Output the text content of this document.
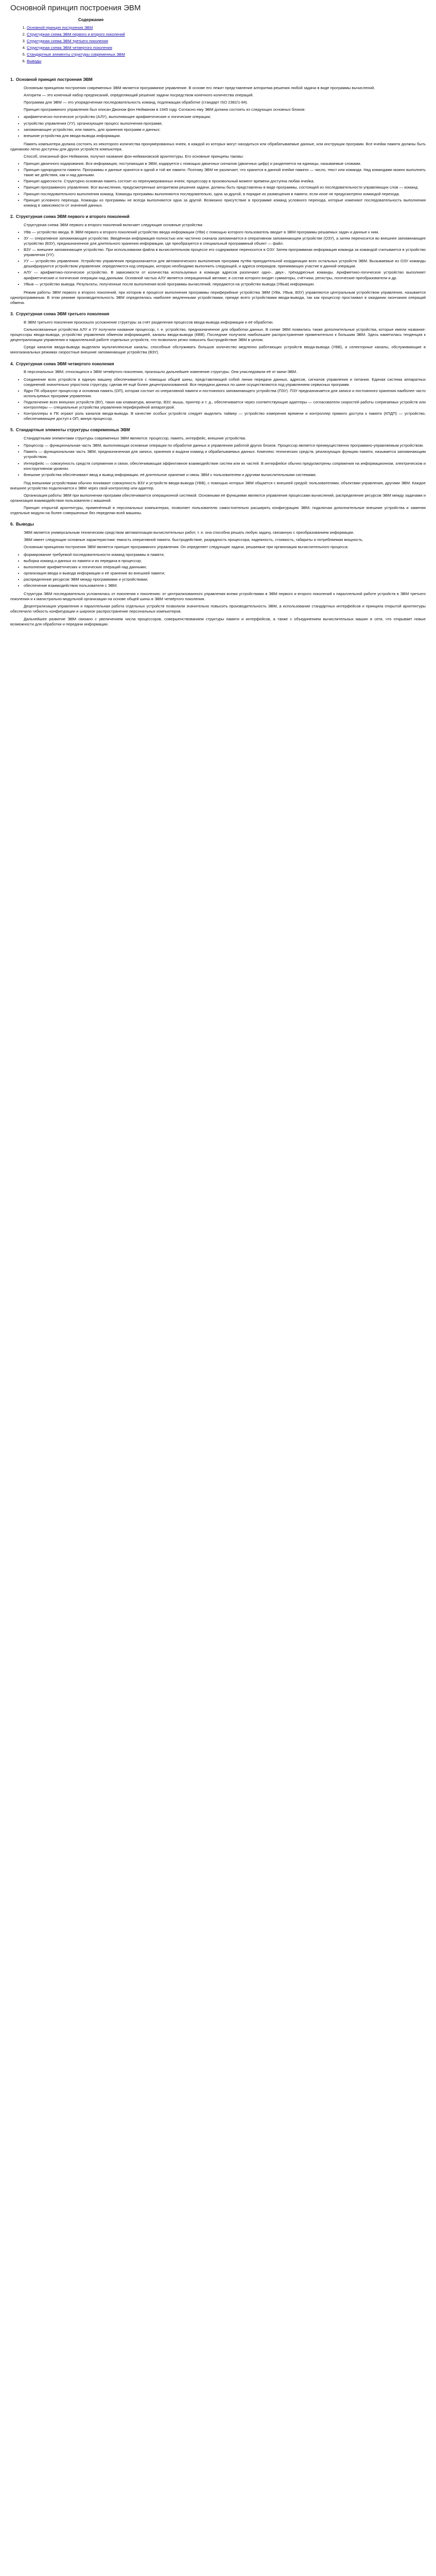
Основной принцип построения ЭВМ
Содержание
1. Основной принцип построения ЭВМ
2. Структурная схема ЭВМ первого и второго поколений
3. Структурная схема ЭВМ третьего поколения
4. Структурная схема ЭВМ четвертого поколения
5. Стандартные элементы структуры современных ЭВМ
6. Выводы
1. Основной принцип построения ЭВМ

Основным принципом построения современных ЭВМ является программное управление. В основе его лежит представление алгоритма решения любой задачи в виде программы вычислений.

Алгоритм — это конечный набор предписаний, определяющий решение задачи посредством конечного количества операций.

Программа для ЭВМ — это упорядоченная последовательность команд, подлежащая обработке (стандарт ISO 2382/1-84).

Принцип программного управления был описан Джоном фон Нейманом в 1945 году. Согласно ему ЭВМ должна состоять из следующих основных блоков:

• арифметическо-логическое устройство (АЛУ), выполняющее арифметические и логические операции;
• устройство управления (УУ), организующее процесс выполнения программ;
• запоминающее устройство, или память, для хранения программ и данных;
• внешние устройства для ввода-вывода информации.

Память компьютера должна состоять из некоторого количества пронумерованных ячеек, в каждой из которых могут находиться или обрабатываемые данные, или инструкции программ. Все ячейки памяти должны быть одинаково легко доступны для других устройств компьютера.

Способ, описанный фон Нейманом, получил название фон-неймановской архитектуры. Его основные принципы таковы:

• Принцип двоичного кодирования. Вся информация, поступающая в ЭВМ, кодируется с помощью двоичных сигналов (двоичных цифр) и разделяется на единицы, называемые словами.
• Принцип однородности памяти. Программы и данные хранятся в одной и той же памяти. Поэтому ЭВМ не различает, что хранится в данной ячейке памяти — число, текст или команда. Над командами можно выполнять такие же действия, как и над данными.
• Принцип адресности. Структурно основная память состоит из перенумерованных ячеек; процессору в произвольный момент времени доступна любая ячейка.
• Принцип программного управления. Все вычисления, предусмотренные алгоритмом решения задачи, должны быть представлены в виде программы, состоящей из последовательности управляющих слов — команд.
• Принцип последовательного выполнения команд. Команды программы выполняются последовательно, одна за другой, в порядке их размещения в памяти, если иное не предусмотрено командой перехода.
• Принцип условного перехода. Команды из программы не всегда выполняются одна за другой. Возможно присутствие в программе команд условного перехода, которые изменяют последовательность выполнения команд в зависимости от значений данных.
2. Структурная схема ЭВМ первого и второго поколений

Структурная схема ЭВМ первого и второго поколений включает следующие основные устройства:

• УВв — устройство ввода. В ЭВМ первого и второго поколений устройство ввода информации (УВв) с помощью которого пользователь вводит в ЭВМ программы решаемых задач и данные к ним.
• ЗУ — оперативное запоминающее устройство. Введённая информация полностью или частично сначала запоминается в оперативном запоминающем устройстве (ОЗУ), а затем переносится во внешнее запоминающее устройство (ВЗУ), предназначенное для длительного хранения информации, где преобразуется в специальный программный объект — файл.
• ВЗУ — внешнее запоминающее устройство. При использовании файла в вычислительном процессе его содержимое переносится в ОЗУ. Затем программная информация команда за командой считывается в устройство управления (УУ).
• УУ — устройство управления. Устройство управления предназначается для автоматического выполнения программ путём принудительной координации всех остальных устройств ЭВМ. Вызываемые из ОЗУ команды дешифрируются устройством управления: определяются код операции, которую необходимо выполнить следующей, и адреса операндов, принимающих участие в данной операции.
• АЛУ — арифметико-логическое устройство. В зависимости от количества используемых в команде адресов различают одно-, двух-, трёхадресные команды. Арифметико-логическое устройство выполняет арифметические и логические операции над данными. Основной частью АЛУ является операционный автомат, в состав которого входят сумматоры, счётчики, регистры, логические преобразователи и др.
• УВыв — устройство вывода. Результаты, полученные после выполнения всей программы вычислений, передаются на устройство вывода (УВыв) информации.

Режим работы ЭВМ первого и второго поколений, при котором в процессе выполнения программы периферийные устройства ЭВМ (УВв, УВыв, ВЗУ) управляются центральным устройством управления, называется однопрограммным. В этом режиме производительность ЭВМ определялась наиболее медленными устройствами, прежде всего устройствами ввода-вывода, так как процессор простаивал в ожидании окончания операций обмена.

3. Структурная схема ЭВМ третьего поколения

В ЭВМ третьего поколения произошло усложнение структуры за счёт разделения процессов ввода-вывода информации и её обработки.

Сильносвязанные устройства АЛУ и УУ получили название процессор, т. е. устройство, предназначенное для обработки данных. В схеме ЭВМ появились также дополнительные устройства, которые имели название: процессоры ввода-вывода, устройство управления обменом информацией, каналы ввода-вывода (КВВ). Последние получили наибольшее распространение применительно к большим ЭВМ. Здесь наметилась тенденция к децентрализации управления и параллельной работе отдельных устройств, что позволило резко повысить быстродействие ЭВМ в целом.

Среди каналов ввода-вывода выделяли мультиплексные каналы, способные обслуживать большое количество медленно работающих устройств ввода-вывода (УВВ), и селекторные каналы, обслуживающие в многоканальных режимах скоростные внешние запоминающие устройства (ВЗУ).

4. Структурная схема ЭВМ четвертого поколения

В персональных ЭВМ, относящихся к ЭВМ четвёртого поколения, произошло дальнейшее изменение структуры. Они унаследовали её от мини-ЭВМ.

• Соединение всех устройств в единую машину обеспечивается с помощью общей шины, представляющей собой линии передачи данных, адресов, сигналов управления и питания. Единая система аппаратных соединений значительно упростила структуру, сделав её ещё более децентрализованной. Все передачи данных по шине осуществляются под управлением сервисных программ.
• Ядро ПК образуют процессор и основная память (ОП), которая состоит из оперативной памяти и постоянного запоминающего устройства (ПЗУ). ПЗУ предназначается для записи и постоянного хранения наиболее часто используемых программ управления.
• Подключение всех внешних устройств (ВУ), таких как клавиатура, монитор, ВЗУ, мышь, принтер и т. д., обеспечивается через соответствующие адаптеры — согласователи скоростей работы сопрягаемых устройств или контроллеры — специальные устройства управления периферийной аппаратурой.
• Контроллеры в ПК играют роль каналов ввода-вывода. В качестве особых устройств следует выделить таймер — устройство измерения времени и контроллер прямого доступа к памяти (КПДП) — устройство, обеспечивающее доступ к ОП, минуя процессор.
5. Стандартные элементы структуры современных ЭВМ

Стандартными элементами структуры современных ЭВМ являются: процессор, память, интерфейс, внешние устройства.

• Процессор — функциональная часть ЭВМ, выполняющая основные операции по обработке данных и управлению работой других блоков. Процессор является преимущественно программно-управляемым устройством.
• Память — функциональная часть ЭВМ, предназначенная для записи, хранения и выдачи команд и обрабатываемых данных. Комплекс технических средств, реализующих функцию памяти, называется запоминающим устройством.
• Интерфейс — совокупность средств сопряжения и связи, обеспечивающая эффективное взаимодействие систем или их частей. В интерфейсе обычно предусмотрены сопряжения на информационном, электрическом и конструктивном уровнях.
• Внешние устройства обеспечивают ввод и вывод информации, её длительное хранение и связь ЭВМ с пользователем и другими вычислительными системами.

Под внешними устройствами обычно понимают совокупность ВЗУ и устройств ввода-вывода (УВВ), с помощью которых ЭВМ общается с внешней средой: пользователями, объектами управления, другими ЭВМ. Каждое внешнее устройство подключается к ЭВМ через свой контроллер или адаптер.

Организация работы ЭВМ при выполнении программ обеспечивается операционной системой. Основными её функциями являются управление процессами вычислений, распределение ресурсов ЭВМ между задачами и организация взаимодействия пользователя с машиной.

Принцип открытой архитектуры, применённый в персональных компьютерах, позволяет пользователю самостоятельно расширять конфигурацию ЭВМ, подключая дополнительные внешние устройства и заменяя отдельные модули на более совершенные без переделки всей машины.

6. Выводы

ЭВМ является универсальным техническим средством автоматизации вычислительных работ, т. е. она способна решать любую задачу, связанную с преобразованием информации.

ЭВМ имеет следующие основные характеристики: емкость оперативной памяти, быстродействие, разрядность процессора, надежность, стоимость, габариты и потребляемая мощность.

Основным принципом построения ЭВМ является принцип программного управления. Он определяет следующие задачи, решаемые при организации вычислительного процесса:

• формирование требуемой последовательности команд программы в памяти;
• выборка команд и данных из памяти и их передача в процессор;
• выполнение арифметических и логических операций над данными;
• организация ввода и вывода информации и её хранение во внешней памяти;
• распределение ресурсов ЭВМ между программами и устройствами;
• обеспечение взаимодействия пользователя с ЭВМ.

Структура ЭВМ последовательно усложнялась от поколения к поколению: от централизованного управления всеми устройствами в ЭВМ первого и второго поколений к параллельной работе устройств в ЭВМ третьего поколения и к магистрально-модульной организации на основе общей шины в ЭВМ четвёртого поколения.

Децентрализация управления и параллельная работа отдельных устройств позволили значительно повысить производительность ЭВМ, а использование стандартных интерфейсов и принципа открытой архитектуры обеспечило гибкость конфигурации и широкое распространение персональных компьютеров.

Дальнейшее развитие ЭВМ связано с увеличением числа процессоров, совершенствованием структуры памяти и интерфейсов, а также с объединением вычислительных машин в сети, что открывает новые возможности для обработки и передачи информации.
